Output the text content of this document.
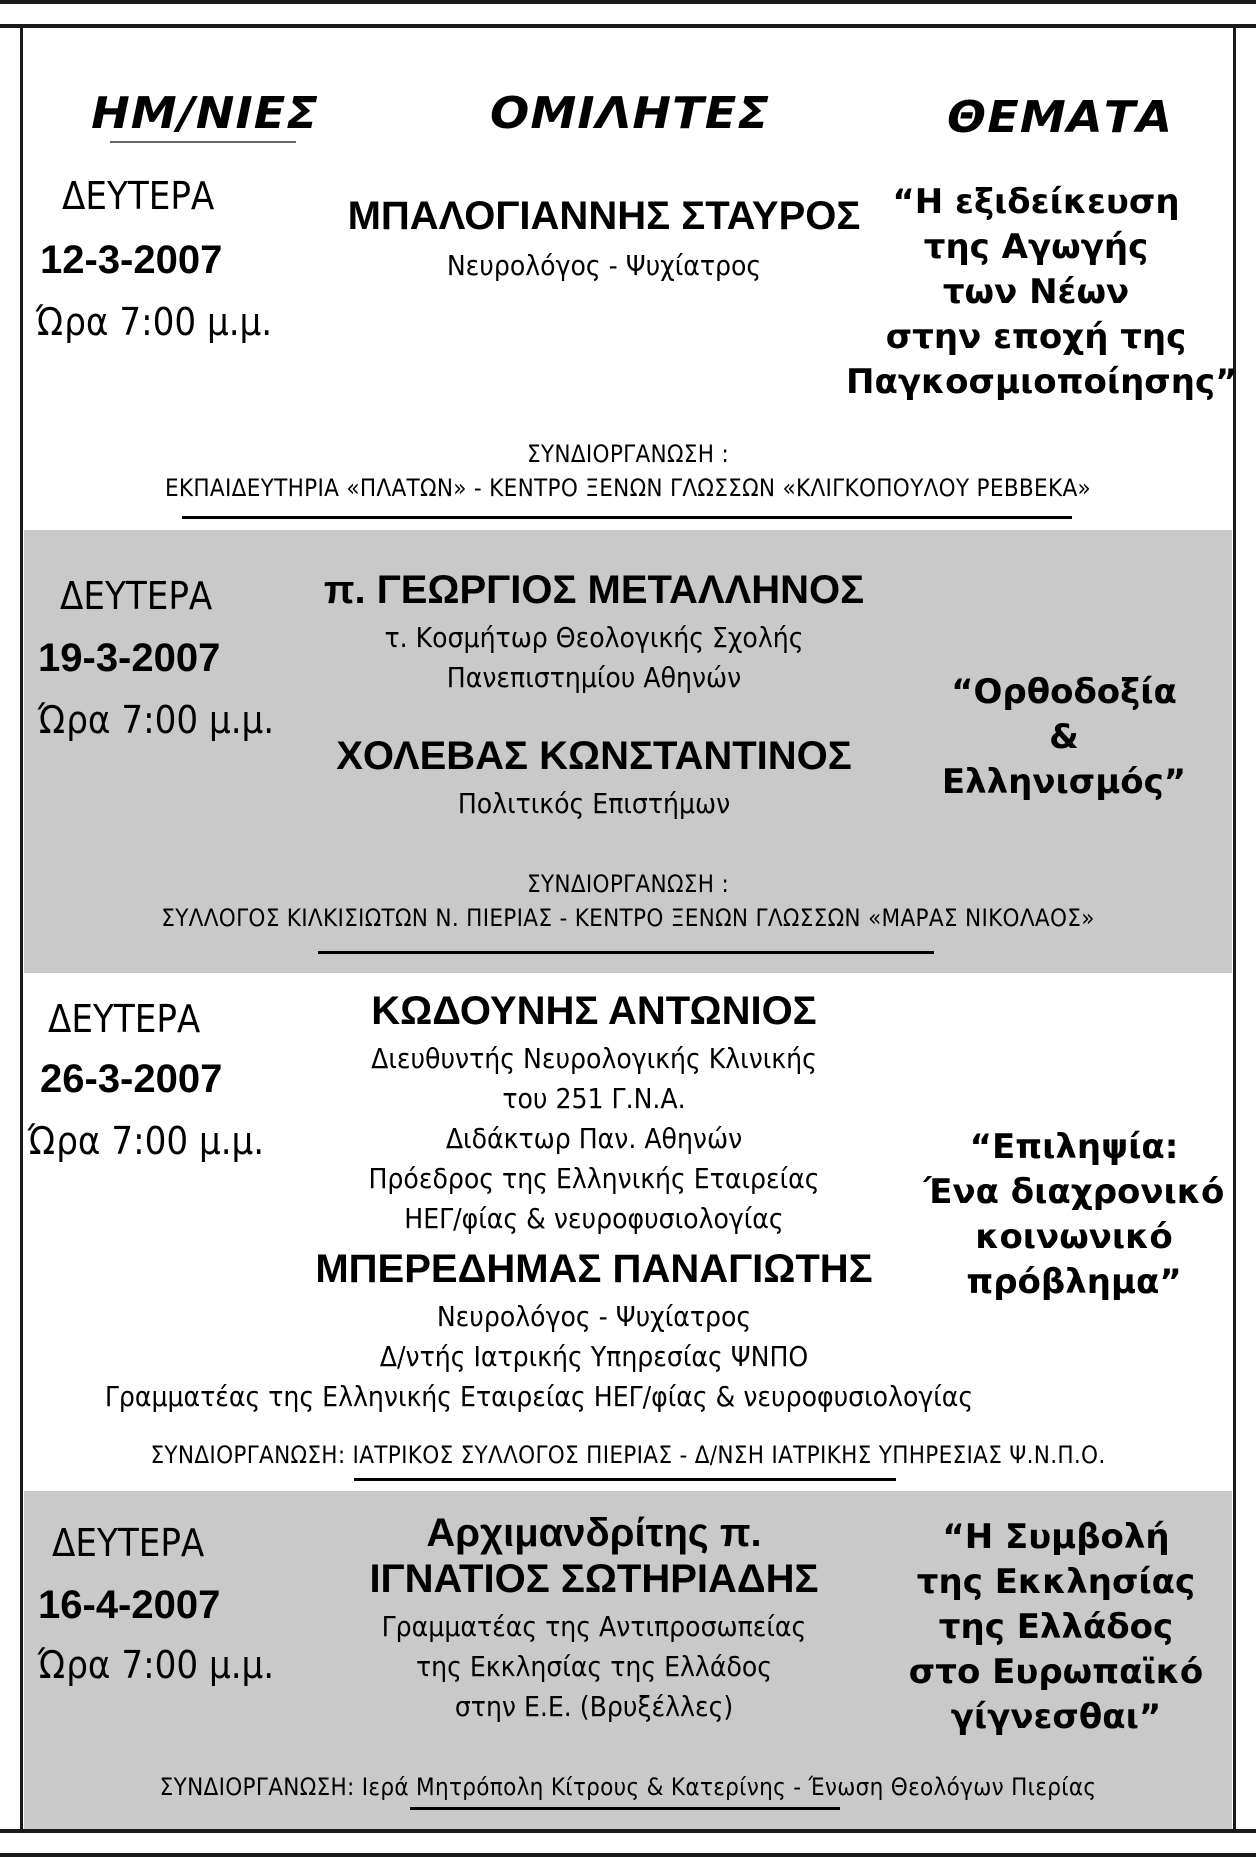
ΗΜ/ΝΙΕΣ	ΟΜΙΛΗΤΕΣ	ΘΕΜΑΤΑ
ΔΕΥΤΕΡΑ
12-3-2007
Ώρα 7:00 μ.μ.
ΜΠΑΛΟΓΙΑΝΝΗΣ ΣΤΑΥΡΟΣ
Νευρολόγος - Ψυχίατρος
“Η εξιδείκευση
της Αγωγής
των Νέων
στην εποχή της
Παγκοσμιοποίησης”
ΣΥΝΔΙΟΡΓΑΝΩΣΗ :
ΕΚΠΑΙΔΕΥΤΗΡΙΑ «ΠΛΑΤΩΝ» - ΚΕΝΤΡΟ ΞΕΝΩΝ ΓΛΩΣΣΩΝ «ΚΛΙΓΚΟΠΟΥΛΟΥ ΡΕΒΒΕΚΑ»
ΔΕΥΤΕΡΑ
19-3-2007
Ώρα 7:00 μ.μ.
π. ΓΕΩΡΓΙΟΣ ΜΕΤΑΛΛΗΝΟΣ
τ. Κοσμήτωρ Θεολογικής Σχολής
Πανεπιστημίου Αθηνών
ΧΟΛΕΒΑΣ ΚΩΝΣΤΑΝΤΙΝΟΣ
Πολιτικός Επιστήμων
“Ορθοδοξία
&
Ελληνισμός”
ΣΥΝΔΙΟΡΓΑΝΩΣΗ :
ΣΥΛΛΟΓΟΣ ΚΙΛΚΙΣΙΩΤΩΝ Ν. ΠΙΕΡΙΑΣ - ΚΕΝΤΡΟ ΞΕΝΩΝ ΓΛΩΣΣΩΝ «ΜΑΡΑΣ ΝΙΚΟΛΑΟΣ»
ΔΕΥΤΕΡΑ
26-3-2007
Ώρα 7:00 μ.μ.
ΚΩΔΟΥΝΗΣ ΑΝΤΩΝΙΟΣ
Διευθυντής Νευρολογικής Κλινικής
του 251 Γ.Ν.Α.
Διδάκτωρ Παν. Αθηνών
Πρόεδρος της Ελληνικής Εταιρείας
ΗΕΓ/φίας & νευροφυσιολογίας
ΜΠΕΡΕΔΗΜΑΣ ΠΑΝΑΓΙΩΤΗΣ
Νευρολόγος - Ψυχίατρος
Δ/ντής Ιατρικής Υπηρεσίας ΨΝΠΟ
Γραμματέας της Ελληνικής Εταιρείας ΗΕΓ/φίας & νευροφυσιολογίας
“Επιληψία:
Ένα διαχρονικό
κοινωνικό
πρόβλημα”
ΣΥΝΔΙΟΡΓΑΝΩΣΗ: ΙΑΤΡΙΚΟΣ ΣΥΛΛΟΓΟΣ ΠΙΕΡΙΑΣ - Δ/ΝΣΗ ΙΑΤΡΙΚΗΣ ΥΠΗΡΕΣΙΑΣ Ψ.Ν.Π.Ο.
ΔΕΥΤΕΡΑ
16-4-2007
Ώρα 7:00 μ.μ.
Αρχιμανδρίτης π.
ΙΓΝΑΤΙΟΣ ΣΩΤΗΡΙΑΔΗΣ
Γραμματέας της Αντιπροσωπείας
της Εκκλησίας της Ελλάδος
στην Ε.Ε. (Βρυξέλλες)
“Η Συμβολή
της Εκκλησίας
της Ελλάδος
στο Ευρωπαϊκό
γίγνεσθαι”
ΣΥΝΔΙΟΡΓΑΝΩΣΗ: Ιερά Μητρόπολη Κίτρους & Κατερίνης - Ένωση Θεολόγων Πιερίας
